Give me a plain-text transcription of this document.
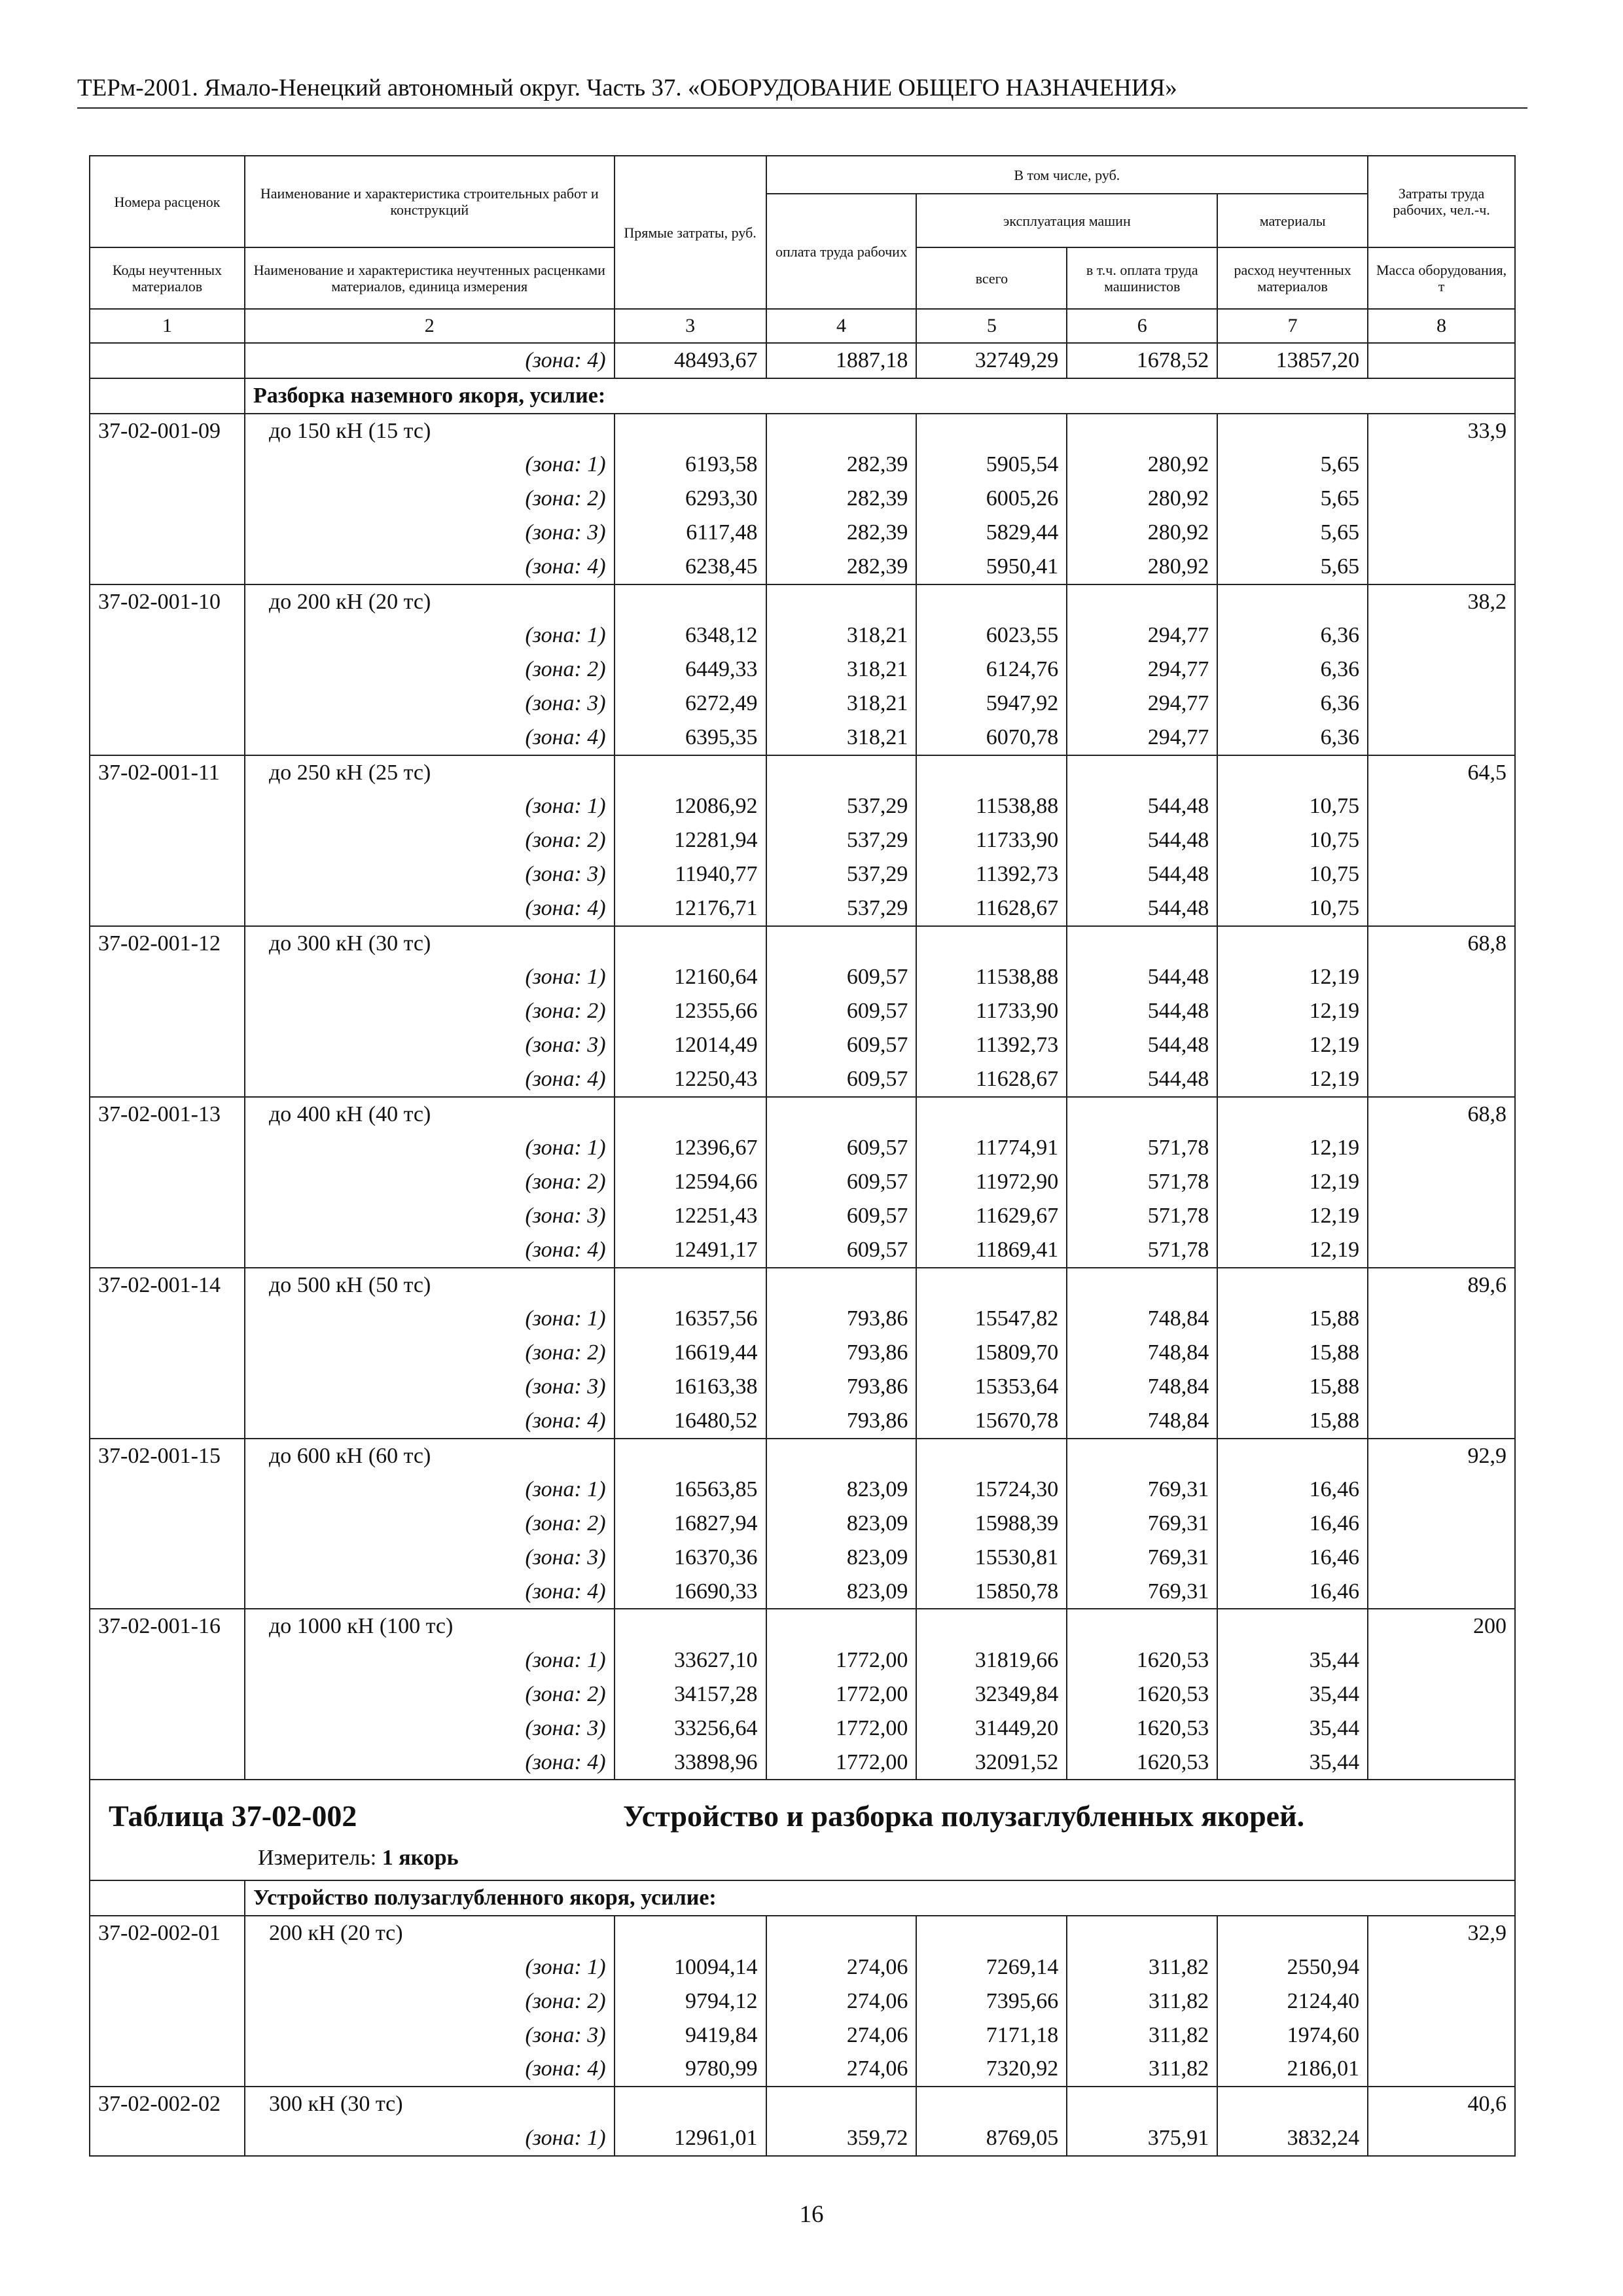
ТЕРм-2001. Ямало-Ненецкий автономный округ. Часть 37. «ОБОРУДОВАНИЕ ОБЩЕГО НАЗНАЧЕНИЯ»
Номера расценок	Наименование и характеристика строительных работ и конструкций	Прямые затраты, руб.	В том числе, руб.				Затраты труда рабочих, чел.-ч.
			оплата труда рабочих	эксплуатация машин		материалы	
Коды неучтенных материалов	Наименование и характеристика неучтенных расценками материалов, единица измерения			всего	в т.ч. оплата труда машинистов	расход неучтенных материалов	Масса оборудования, т
1	2	3	4	5	6	7	8
	(зона: 4)	48493,67	1887,18	32749,29	1678,52	13857,20	
	Разборка наземного якоря, усилие:						
37-02-001-09	до 150 кН (15 тс)						33,9
	(зона: 1)	6193,58	282,39	5905,54	280,92	5,65	
	(зона: 2)	6293,30	282,39	6005,26	280,92	5,65	
	(зона: 3)	6117,48	282,39	5829,44	280,92	5,65	
	(зона: 4)	6238,45	282,39	5950,41	280,92	5,65	
37-02-001-10	до 200 кН (20 тс)						38,2
	(зона: 1)	6348,12	318,21	6023,55	294,77	6,36	
	(зона: 2)	6449,33	318,21	6124,76	294,77	6,36	
	(зона: 3)	6272,49	318,21	5947,92	294,77	6,36	
	(зона: 4)	6395,35	318,21	6070,78	294,77	6,36	
37-02-001-11	до 250 кН (25 тс)						64,5
	(зона: 1)	12086,92	537,29	11538,88	544,48	10,75	
	(зона: 2)	12281,94	537,29	11733,90	544,48	10,75	
	(зона: 3)	11940,77	537,29	11392,73	544,48	10,75	
	(зона: 4)	12176,71	537,29	11628,67	544,48	10,75	
37-02-001-12	до 300 кН (30 тс)						68,8
	(зона: 1)	12160,64	609,57	11538,88	544,48	12,19	
	(зона: 2)	12355,66	609,57	11733,90	544,48	12,19	
	(зона: 3)	12014,49	609,57	11392,73	544,48	12,19	
	(зона: 4)	12250,43	609,57	11628,67	544,48	12,19	
37-02-001-13	до 400 кН (40 тс)						68,8
	(зона: 1)	12396,67	609,57	11774,91	571,78	12,19	
	(зона: 2)	12594,66	609,57	11972,90	571,78	12,19	
	(зона: 3)	12251,43	609,57	11629,67	571,78	12,19	
	(зона: 4)	12491,17	609,57	11869,41	571,78	12,19	
37-02-001-14	до 500 кН (50 тс)						89,6
	(зона: 1)	16357,56	793,86	15547,82	748,84	15,88	
	(зона: 2)	16619,44	793,86	15809,70	748,84	15,88	
	(зона: 3)	16163,38	793,86	15353,64	748,84	15,88	
	(зона: 4)	16480,52	793,86	15670,78	748,84	15,88	
37-02-001-15	до 600 кН (60 тс)						92,9
	(зона: 1)	16563,85	823,09	15724,30	769,31	16,46	
	(зона: 2)	16827,94	823,09	15988,39	769,31	16,46	
	(зона: 3)	16370,36	823,09	15530,81	769,31	16,46	
	(зона: 4)	16690,33	823,09	15850,78	769,31	16,46	
37-02-001-16	до 1000 кН (100 тс)						200
	(зона: 1)	33627,10	1772,00	31819,66	1620,53	35,44	
	(зона: 2)	34157,28	1772,00	32349,84	1620,53	35,44	
	(зона: 3)	33256,64	1772,00	31449,20	1620,53	35,44	
	(зона: 4)	33898,96	1772,00	32091,52	1620,53	35,44	

Таблица 37-02-002 Устройство и разборка полузаглубленных якорей.
Измеритель: 1 якорь							

	Устройство полузаглубленного якоря, усилие:						
37-02-002-01	200 кН (20 тс)						32,9
	(зона: 1)	10094,14	274,06	7269,14	311,82	2550,94	
	(зона: 2)	9794,12	274,06	7395,66	311,82	2124,40	
	(зона: 3)	9419,84	274,06	7171,18	311,82	1974,60	
	(зона: 4)	9780,99	274,06	7320,92	311,82	2186,01	
37-02-002-02	300 кН (30 тс)						40,6
	(зона: 1)	12961,01	359,72	8769,05	375,91	3832,24	
16
